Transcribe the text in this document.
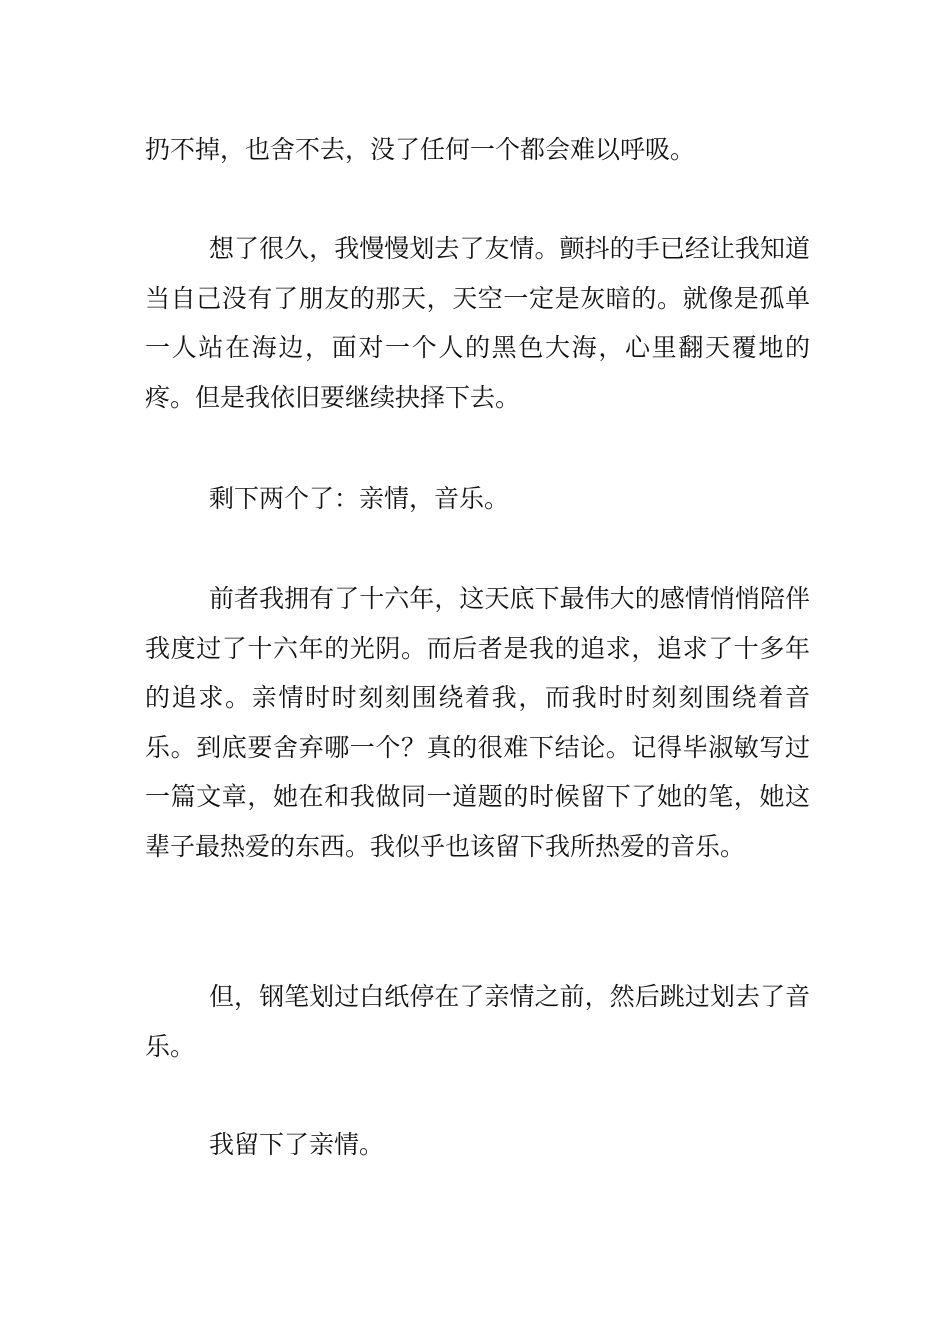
扔不掉，也舍不去，没了任何一个都会难以呼吸。

想了很久，我慢慢划去了友情。颤抖的手已经让我知道当自己没有了朋友的那天，天空一定是灰暗的。就像是孤单一人站在海边，面对一个人的黑色大海，心里翻天覆地的疼。但是我依旧要继续抉择下去。

剩下两个了：亲情，音乐。

前者我拥有了十六年，这天底下最伟大的感情悄悄陪伴我度过了十六年的光阴。而后者是我的追求，追求了十多年的追求。亲情时时刻刻围绕着我，而我时时刻刻围绕着音乐。到底要舍弃哪一个？真的很难下结论。记得毕淑敏写过一篇文章，她在和我做同一道题的时候留下了她的笔，她这辈子最热爱的东西。我似乎也该留下我所热爱的音乐。

但，钢笔划过白纸停在了亲情之前，然后跳过划去了音乐。

我留下了亲情。
